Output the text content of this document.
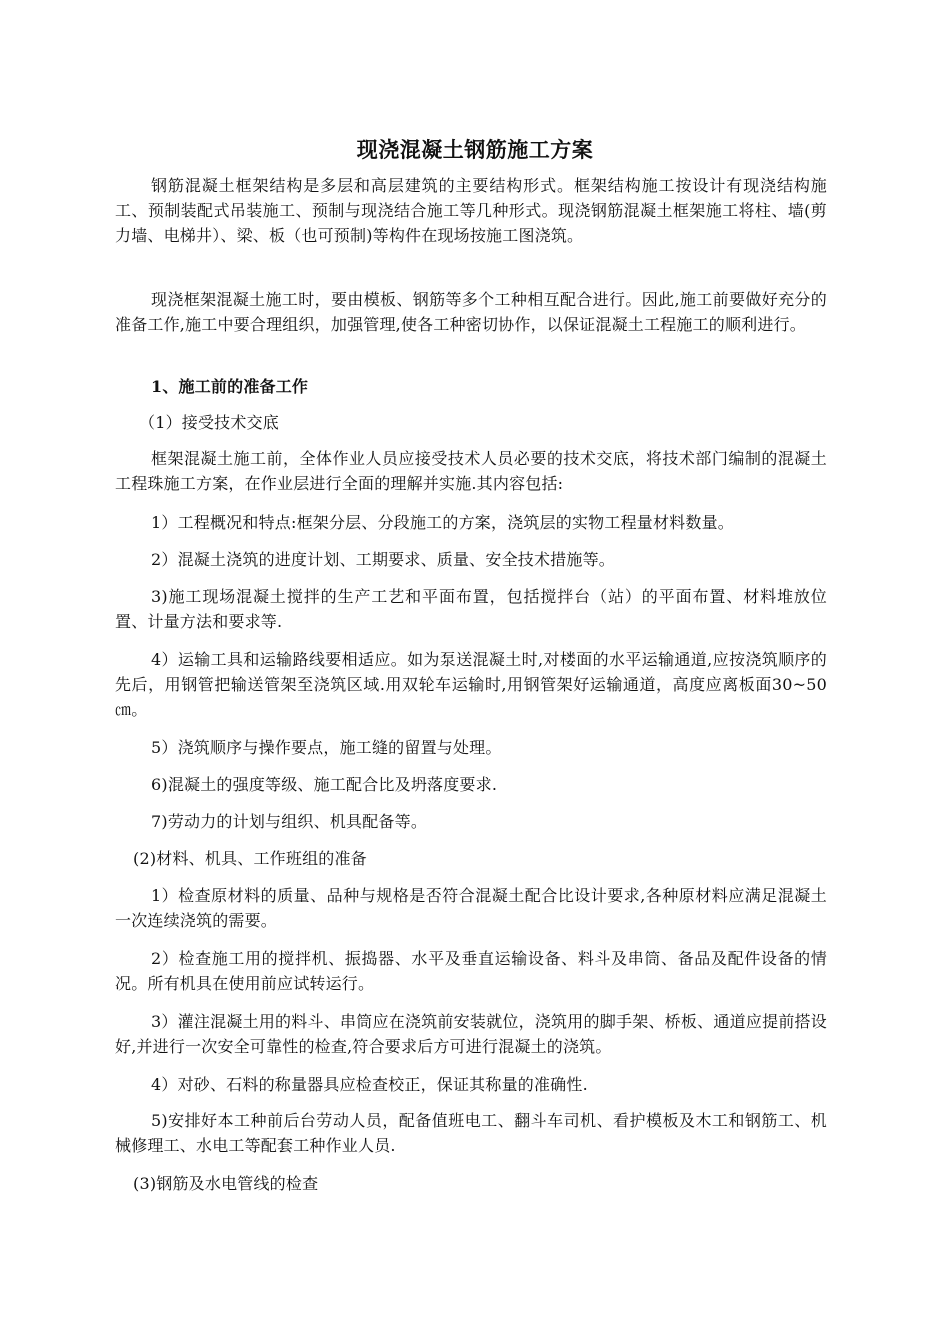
现浇混凝土钢筋施工方案

钢筋混凝土框架结构是多层和高层建筑的主要结构形式。框架结构施工按设计有现浇结构施工、预制装配式吊装施工、预制与现浇结合施工等几种形式。现浇钢筋混凝土框架施工将柱、墙(剪力墙、电梯井）、梁、板（也可预制)等构件在现场按施工图浇筑。

现浇框架混凝土施工时，要由模板、钢筋等多个工种相互配合进行。因此,施工前要做好充分的准备工作,施工中要合理组织，加强管理,使各工种密切协作，以保证混凝土工程施工的顺利进行。

1、施工前的准备工作

（1）接受技术交底

框架混凝土施工前，全体作业人员应接受技术人员必要的技术交底，将技术部门编制的混凝土工程珠施工方案，在作业层进行全面的理解并实施.其内容包括:

1）工程概况和特点:框架分层、分段施工的方案，浇筑层的实物工程量材料数量。

2）混凝土浇筑的进度计划、工期要求、质量、安全技术措施等。

3)施工现场混凝土搅拌的生产工艺和平面布置，包括搅拌台（站）的平面布置、材料堆放位置、计量方法和要求等.

4）运输工具和运输路线要相适应。如为泵送混凝土时,对楼面的水平运输通道,应按浇筑顺序的先后，用钢管把输送管架至浇筑区域.用双轮车运输时,用钢管架好运输通道，高度应离板面30~50㎝。

5）浇筑顺序与操作要点，施工缝的留置与处理。

6)混凝土的强度等级、施工配合比及坍落度要求.

7)劳动力的计划与组织、机具配备等。

(2)材料、机具、工作班组的准备

1）检查原材料的质量、品种与规格是否符合混凝土配合比设计要求,各种原材料应满足混凝土一次连续浇筑的需要。

2）检查施工用的搅拌机、振捣器、水平及垂直运输设备、料斗及串筒、备品及配件设备的情况。所有机具在使用前应试转运行。

3）灌注混凝土用的料斗、串筒应在浇筑前安装就位，浇筑用的脚手架、桥板、通道应提前搭设好,并进行一次安全可靠性的检查,符合要求后方可进行混凝土的浇筑。

4）对砂、石料的称量器具应检查校正，保证其称量的准确性.

5)安排好本工种前后台劳动人员，配备值班电工、翻斗车司机、看护模板及木工和钢筋工、机械修理工、水电工等配套工种作业人员.

(3)钢筋及水电管线的检查
